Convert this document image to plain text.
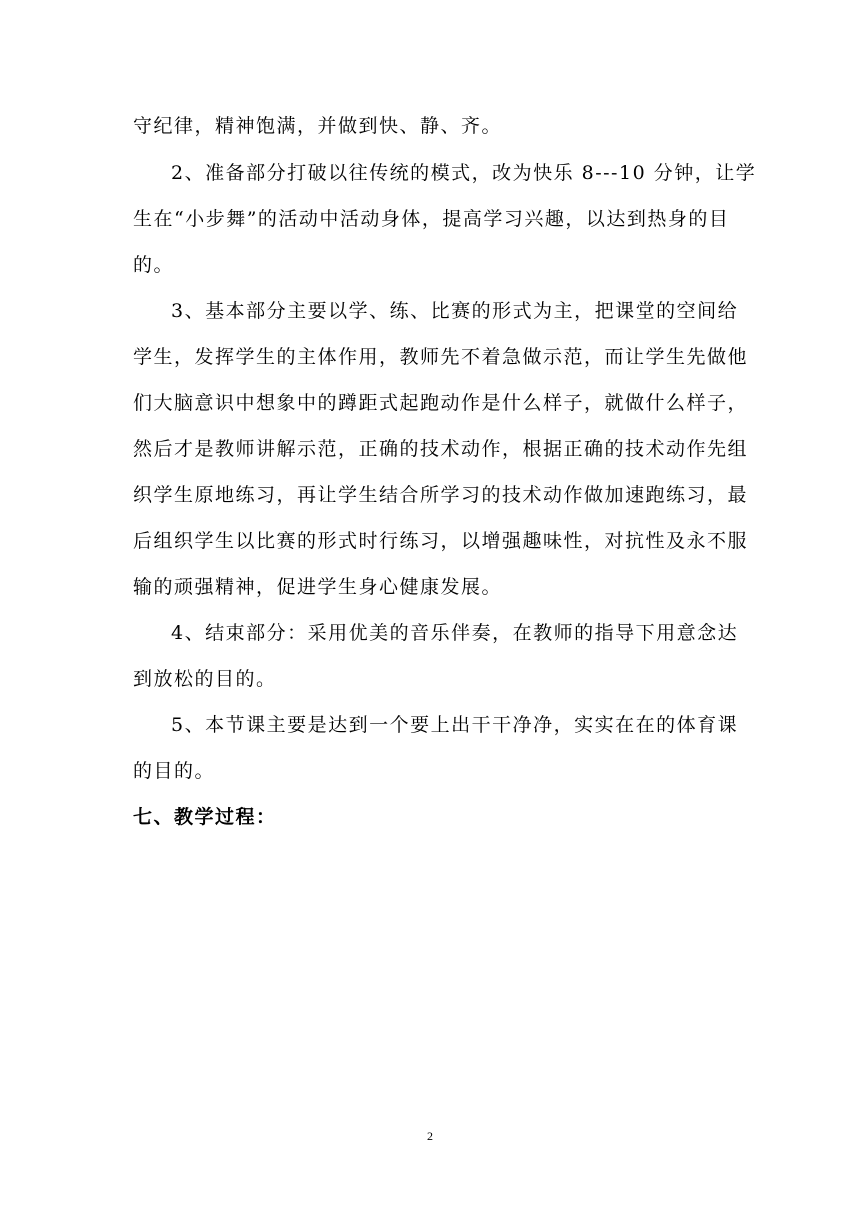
守纪律，精神饱满，并做到快、静、齐。
2、准备部分打破以往传统的模式，改为快乐 8---10 分钟，让学
生在“小步舞”的活动中活动身体，提高学习兴趣，以达到热身的目
的。
3、基本部分主要以学、练、比赛的形式为主，把课堂的空间给
学生，发挥学生的主体作用，教师先不着急做示范，而让学生先做他
们大脑意识中想象中的蹲距式起跑动作是什么样子，就做什么样子，
然后才是教师讲解示范，正确的技术动作，根据正确的技术动作先组
织学生原地练习，再让学生结合所学习的技术动作做加速跑练习，最
后组织学生以比赛的形式时行练习，以增强趣味性，对抗性及永不服
输的顽强精神，促进学生身心健康发展。
4、结束部分：采用优美的音乐伴奏，在教师的指导下用意念达
到放松的目的。
5、本节课主要是达到一个要上出干干净净，实实在在的体育课
的目的。
七、教学过程：
2
